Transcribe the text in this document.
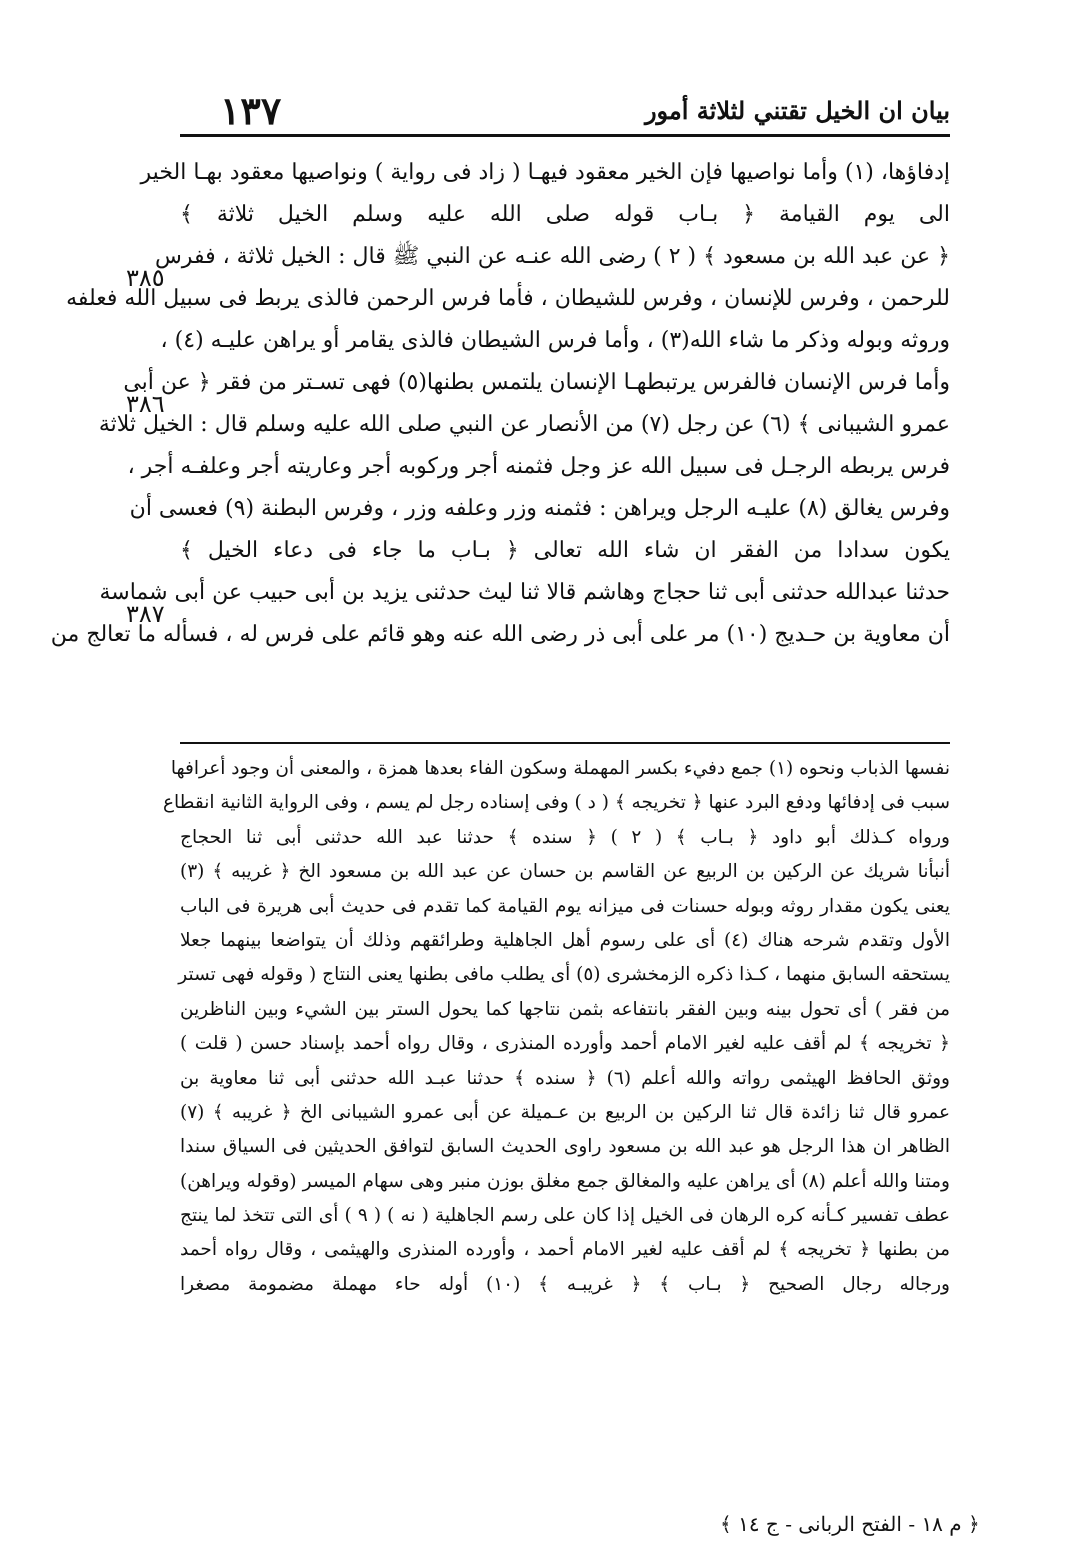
١٣٧	بيان ان الخيل تقتني لثلاثة أمور
إدفاؤها، (١) وأما نواصيها فإن الخير معقود فيهـا ( زاد فى رواية ) ونواصيها معقود بهـا الخير
الى يوم القيامة ﴿ بـاب قوله صلى الله عليه وسلم الخيل ثلاثة ﴾
﴿ عن عبد الله بن مسعود ﴾ ( ٢ ) رضى الله عنـه عن النبي ﷺ قال : الخيل ثلاثة ، ففرس
للرحمن ، وفرس للإنسان ، وفرس للشيطان ، فأما فرس الرحمن فالذى يربط فى سبيل الله فعلفه
وروثه وبوله وذكر ما شاء الله(٣) ، وأما فرس الشيطان فالذى يقامر أو يراهن عليـه (٤) ،
وأما فرس الإنسان فالفرس يرتبطهـا الإنسان يلتمس بطنها(٥) فهى تسـتر من فقر ﴿ عن أبى
عمرو الشيبانى ﴾ (٦) عن رجل (٧) من الأنصار عن النبي صلى الله عليه وسلم قال : الخيل ثلاثة
فرس يربطه الرجـل فى سبيل الله عز وجل فثمنه أجر وركوبه أجر وعاريته أجر وعلفـه أجر ،
وفرس يغالق (٨) عليـه الرجل ويراهن : فثمنه وزر وعلفه وزر ، وفرس البطنة (٩) فعسى أن
يكون سدادا من الفقر ان شاء الله تعالى ﴿ بـاب ما جاء فى دعاء الخيل ﴾
حدثنا عبدالله حدثنى أبى ثنا حجاج وهاشم قالا ثنا ليث حدثنى يزيد بن أبى حبيب عن أبى شماسة
أن معاوية بن حـديج (١٠) مر على أبى ذر رضى الله عنه وهو قائم على فرس له ، فسأله ما تعالج من
٣٨٥
٣٨٦
٣٨٧
نفسها الذباب ونحوه (١) جمع دفيء بكسر المهملة وسكون الفاء بعدها همزة ، والمعنى أن وجود أعرافها
سبب فى إدفائها ودفع البرد عنها ﴿ تخريجه ﴾ ( د ) وفى إسناده رجل لم يسم ، وفى الرواية الثانية انقطاع
ورواه كـذلك أبو داود ﴿ بـاب ﴾ ( ٢ ) ﴿ سنده ﴾ حدثنا عبد الله حدثنى أبى ثنا الحجاج
أنبأنا شريك عن الركين بن الربيع عن القاسم بن حسان عن عبد الله بن مسعود الخ ﴿ غريبه ﴾ (٣)
يعنى يكون مقدار روثه وبوله حسنات فى ميزانه يوم القيامة كما تقدم فى حديث أبى هريرة فى الباب
الأول وتقدم شرحه هناك (٤) أى على رسوم أهل الجاهلية وطرائقهم وذلك أن يتواضعا بينهما جعلا
يستحقه السابق منهما ، كـذا ذكره الزمخشرى (٥) أى يطلب مافى بطنها يعنى النتاج ( وقوله فهى تستر
من فقر ) أى تحول بينه وبين الفقر بانتفاعه بثمن نتاجها كما يحول الستر بين الشيء وبين الناظرين
﴿ تخريجه ﴾ لم أقف عليه لغير الامام أحمد وأورده المنذرى ، وقال رواه أحمد بإسناد حسن ( قلت )
ووثق الحافظ الهيثمى رواته والله أعلم (٦) ﴿ سنده ﴾ حدثنا عبـد الله حدثنى أبى ثنا معاوية بن
عمرو قال ثنا زائدة قال ثنا الركين بن الربيع بن عـميلة عن أبى عمرو الشيبانى الخ ﴿ غريبه ﴾ (٧)
الظاهر ان هذا الرجل هو عبد الله بن مسعود راوى الحديث السابق لتوافق الحديثين فى السياق سندا
ومتنا والله أعلم (٨) أى يراهن عليه والمغالق جمع مغلق بوزن منبر وهى سهام الميسر (وقوله ويراهن)
عطف تفسير كـأنه كره الرهان فى الخيل إذا كان على رسم الجاهلية ( نه ) ( ٩ ) أى التى تتخذ لما ينتج
من بطنها ﴿ تخريجه ﴾ لم أقف عليه لغير الامام أحمد ، وأورده المنذرى والهيثمى ، وقال رواه أحمد
ورجاله رجال الصحيح ﴿ بـاب ﴾ ﴿ غريبـه ﴾ (١٠) أوله حاء مهملة مضمومة مصغرا
﴿ م ١٨ - الفتح الربانى - ج ١٤ ﴾
